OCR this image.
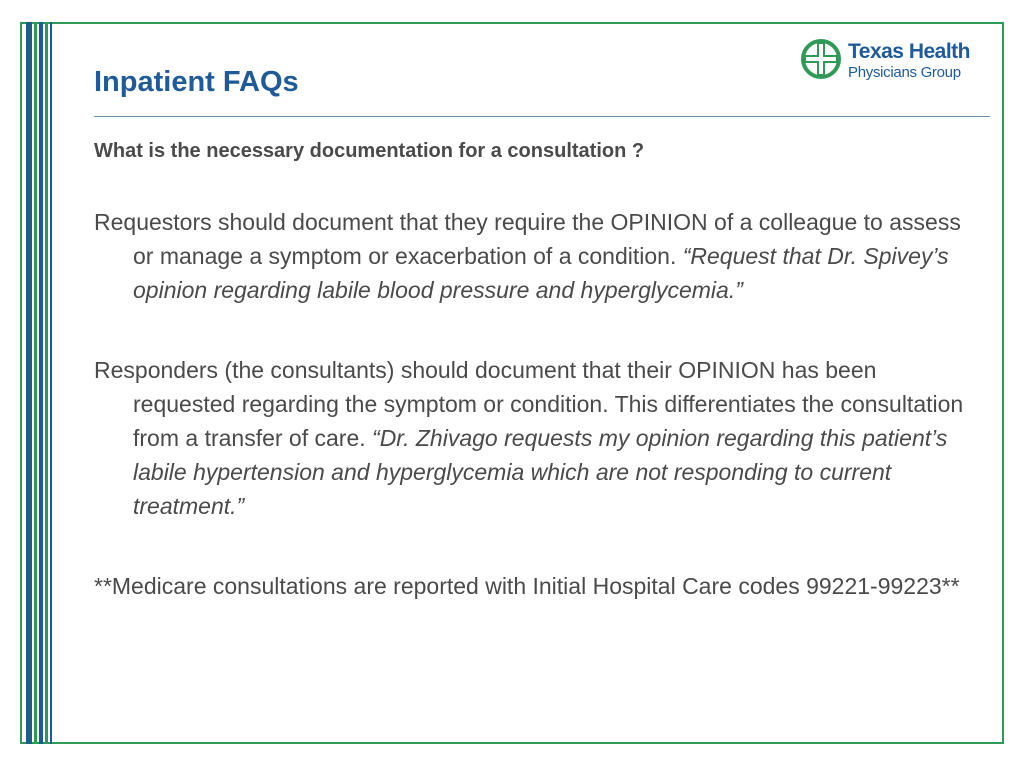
Inpatient FAQs
Texas Health
Physicians Group
What is the necessary documentation for a consultation ?

Requestors should document that they require the OPINION of a colleague to assess or manage a symptom or exacerbation of a condition. “Request that Dr. Spivey’s opinion regarding labile blood pressure and hyperglycemia.”

Responders (the consultants) should document that their OPINION has been requested regarding the symptom or condition. This differentiates the consultation from a transfer of care. “Dr. Zhivago requests my opinion regarding this patient’s labile hypertension and hyperglycemia which are not responding to current treatment.”

**Medicare consultations are reported with Initial Hospital Care codes 99221-99223**
